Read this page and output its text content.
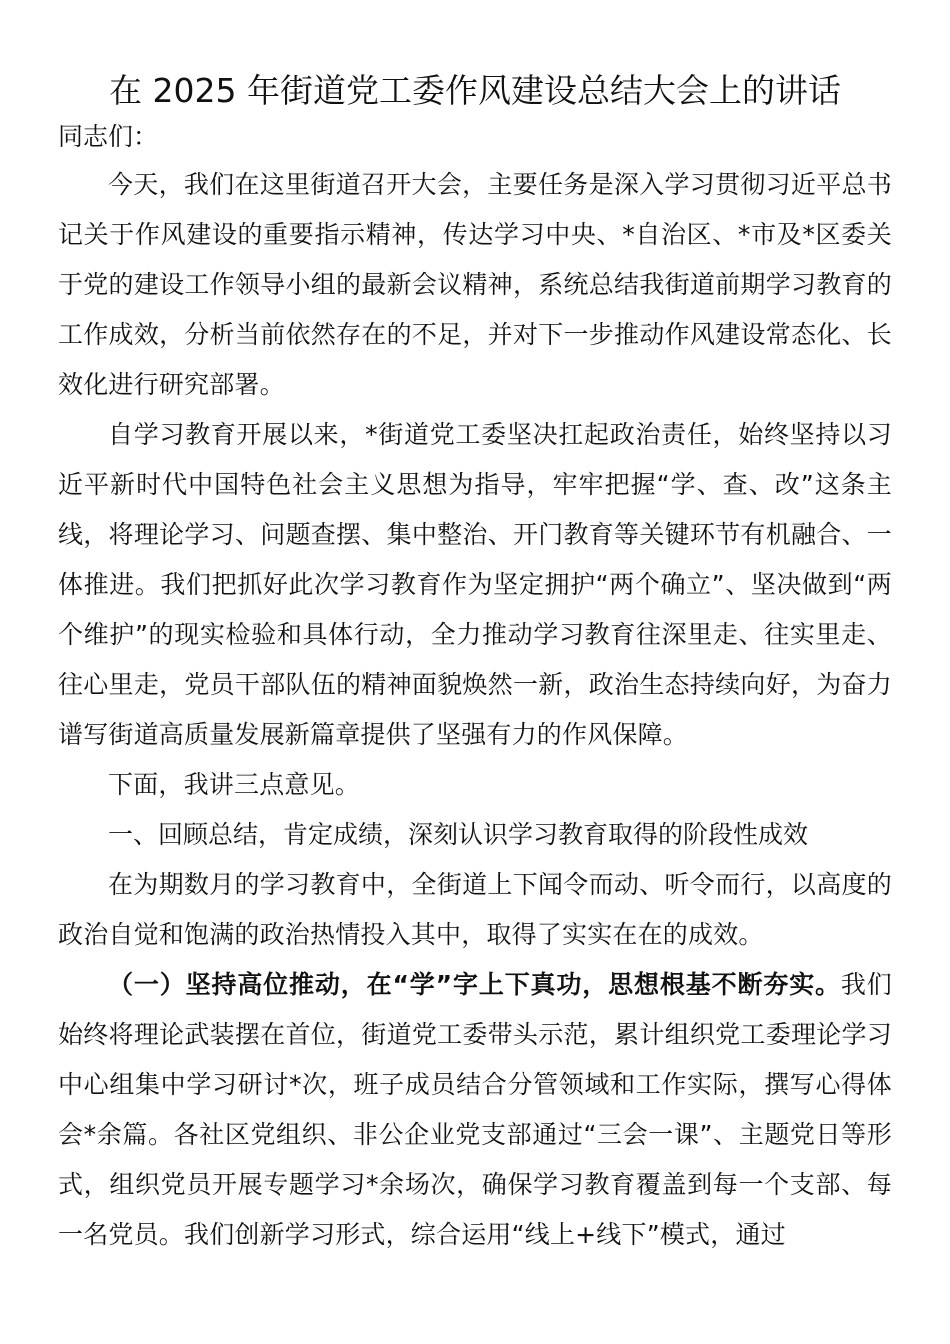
在 2025 年街道党工委作风建设总结大会上的讲话

同志们：

今天，我们在这里街道召开大会，主要任务是深入学习贯彻习近平总书记关于作风建设的重要指示精神，传达学习中央、*自治区、*市及*区委关于党的建设工作领导小组的最新会议精神，系统总结我街道前期学习教育的工作成效，分析当前依然存在的不足，并对下一步推动作风建设常态化、长效化进行研究部署。

自学习教育开展以来，*街道党工委坚决扛起政治责任，始终坚持以习近平新时代中国特色社会主义思想为指导，牢牢把握“学、查、改”这条主线，将理论学习、问题查摆、集中整治、开门教育等关键环节有机融合、一体推进。我们把抓好此次学习教育作为坚定拥护“两个确立”、坚决做到“两个维护”的现实检验和具体行动，全力推动学习教育往深里走、往实里走、往心里走，党员干部队伍的精神面貌焕然一新，政治生态持续向好，为奋力谱写街道高质量发展新篇章提供了坚强有力的作风保障。

下面，我讲三点意见。

一、回顾总结，肯定成绩，深刻认识学习教育取得的阶段性成效

在为期数月的学习教育中，全街道上下闻令而动、听令而行，以高度的政治自觉和饱满的政治热情投入其中，取得了实实在在的成效。

（一）坚持高位推动，在“学”字上下真功，思想根基不断夯实。我们始终将理论武装摆在首位，街道党工委带头示范，累计组织党工委理论学习中心组集中学习研讨*次，班子成员结合分管领域和工作实际，撰写心得体会*余篇。各社区党组织、非公企业党支部通过“三会一课”、主题党日等形式，组织党员开展专题学习*余场次，确保学习教育覆盖到每一个支部、每一名党员。我们创新学习形式，综合运用“线上+线下”模式，通过
